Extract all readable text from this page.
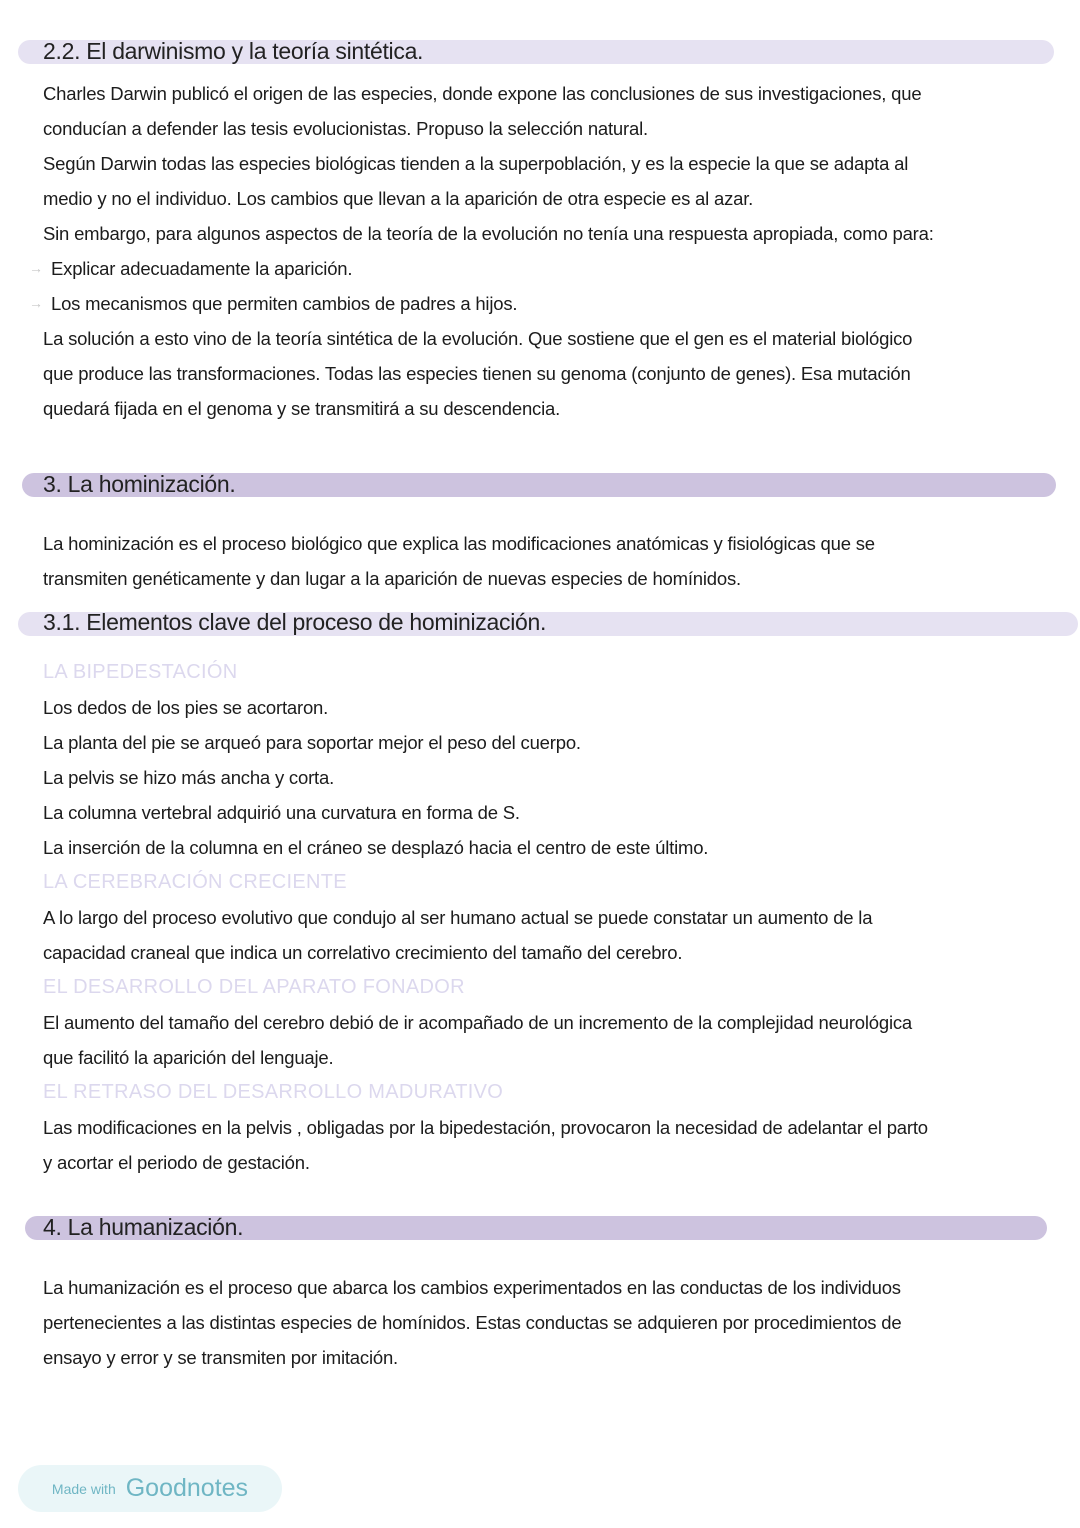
2.2. El darwinismo y la teoría sintética.
Charles Darwin publicó el origen de las especies, donde expone las conclusiones de sus investigaciones, que
conducían a defender las tesis evolucionistas. Propuso la selección natural.
Según Darwin todas las especies biológicas tienden a la superpoblación, y es la especie la que se adapta al
medio y no el individuo. Los cambios que llevan a la aparición de otra especie es al azar.
Sin embargo, para algunos aspectos de la teoría de la evolución no tenía una respuesta apropiada, como para:
→ Explicar adecuadamente la aparición.
→ Los mecanismos que permiten cambios de padres a hijos.
La solución a esto vino de la teoría sintética de la evolución. Que sostiene que el gen es el material biológico
que produce las transformaciones. Todas las especies tienen su genoma (conjunto de genes). Esa mutación
quedará fijada en el genoma y se transmitirá a su descendencia.
3. La hominización.
La hominización es el proceso biológico que explica las modificaciones anatómicas y fisiológicas que se
transmiten genéticamente y dan lugar a la aparición de nuevas especies de homínidos.
3.1. Elementos clave del proceso de hominización.
LA BIPEDESTACIÓN
Los dedos de los pies se acortaron.
La planta del pie se arqueó para soportar mejor el peso del cuerpo.
La pelvis se hizo más ancha y corta.
La columna vertebral adquirió una curvatura en forma de S.
La inserción de la columna en el cráneo se desplazó hacia el centro de este último.
LA CEREBRACIÓN CRECIENTE
A lo largo del proceso evolutivo que condujo al ser humano actual se puede constatar un aumento de la
capacidad craneal que indica un correlativo crecimiento del tamaño del cerebro.
EL DESARROLLO DEL APARATO FONADOR
El aumento del tamaño del cerebro debió de ir acompañado de un incremento de la complejidad neurológica
que facilitó la aparición del lenguaje.
EL RETRASO DEL DESARROLLO MADURATIVO
Las modificaciones en la pelvis , obligadas por la bipedestación, provocaron la necesidad de adelantar el parto
y acortar el periodo de gestación.
4. La humanización.
La humanización es el proceso que abarca los cambios experimentados en las conductas de los individuos
pertenecientes a las distintas especies de homínidos. Estas conductas se adquieren por procedimientos de
ensayo y error y se transmiten por imitación.
Made with Goodnotes
